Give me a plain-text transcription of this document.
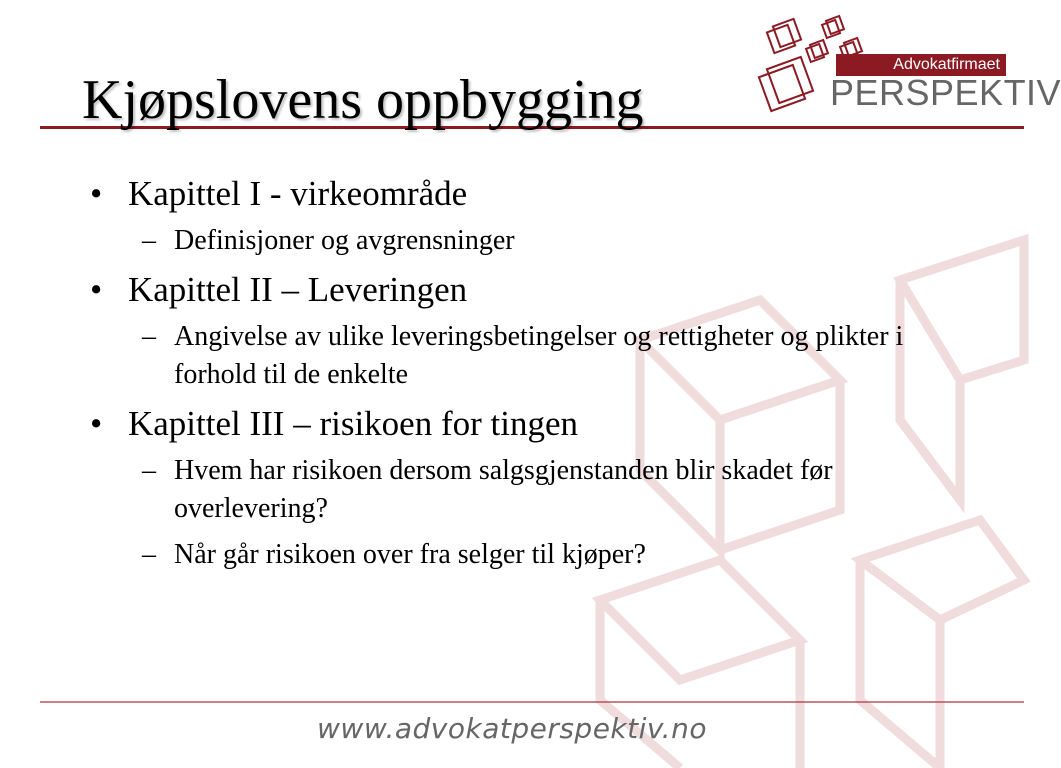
Kjøpslovens oppbygging
Advokatfirmaet
PERSPEKTIV
• Kapittel I - virkeområde
– Definisjoner og avgrensninger
• Kapittel II – Leveringen
– Angivelse av ulike leveringsbetingelser og rettigheter og plikter i forhold til de enkelte
• Kapittel III – risikoen for tingen
– Hvem har risikoen dersom salgsgjenstanden blir skadet før overlevering?
– Når går risikoen over fra selger til kjøper?
www.advokatperspektiv.no
